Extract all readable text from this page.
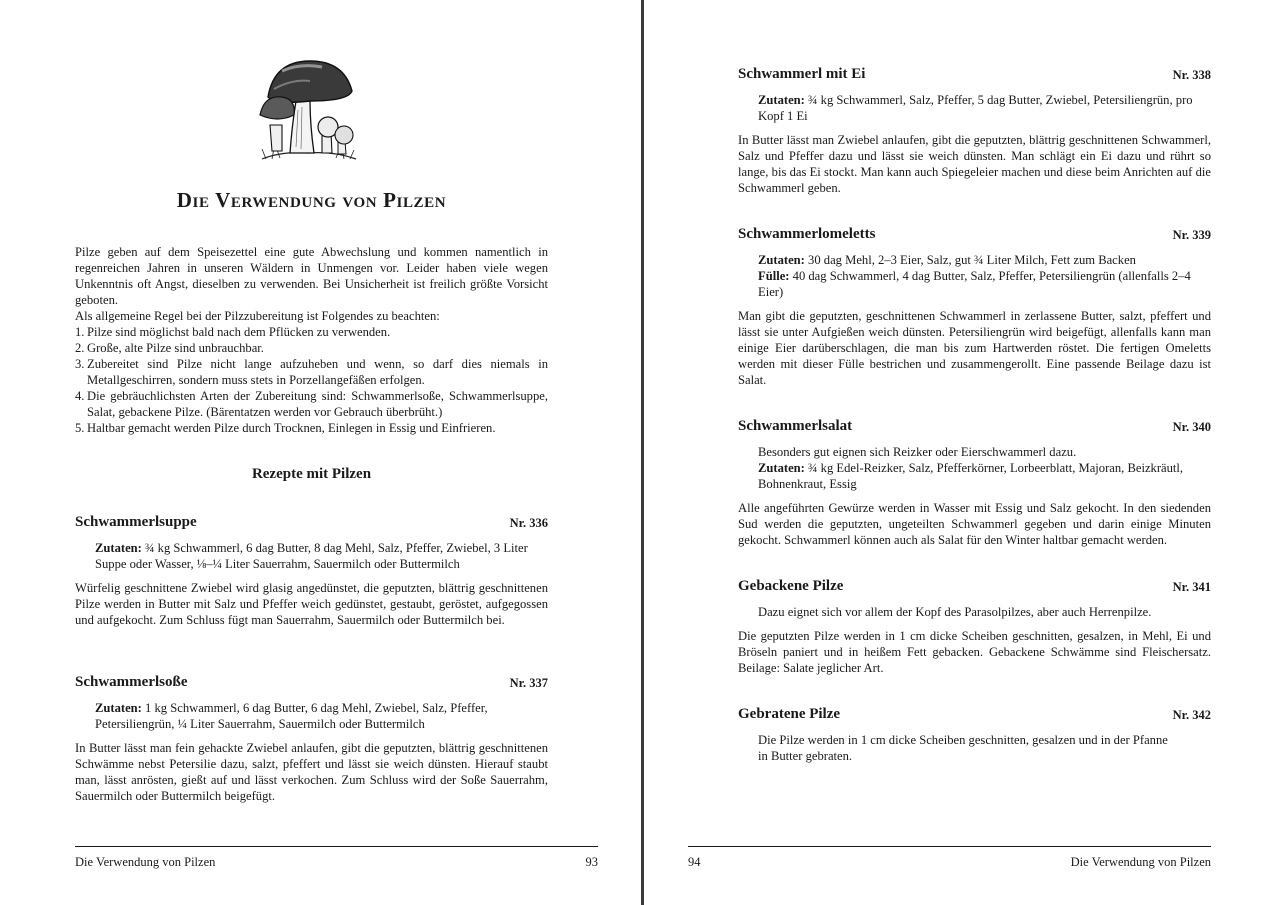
Die Verwendung von Pilzen
Pilze geben auf dem Speisezettel eine gute Abwechslung und kommen namentlich in regenreichen Jahren in unseren Wäldern in Unmengen vor. Leider haben viele wegen Unkenntnis oft Angst, dieselben zu verwenden. Bei Unsicherheit ist freilich größte Vorsicht geboten.
Als allgemeine Regel bei der Pilzzubereitung ist Folgendes zu beachten:
1. Pilze sind möglichst bald nach dem Pflücken zu verwenden.
2. Große, alte Pilze sind unbrauchbar.
3. Zubereitet sind Pilze nicht lange aufzuheben und wenn, so darf dies niemals in Metallgeschirren, sondern muss stets in Porzellangefäßen erfolgen.
4. Die gebräuchlichsten Arten der Zubereitung sind: Schwammerlsoße, Schwammerlsuppe, Salat, gebackene Pilze. (Bärentatzen werden vor Gebrauch überbrüht.)
5. Haltbar gemacht werden Pilze durch Trocknen, Einlegen in Essig und Einfrieren.
Rezepte mit Pilzen
Schwammerlsuppe	Nr. 336
Zutaten: ¾ kg Schwammerl, 6 dag Butter, 8 dag Mehl, Salz, Pfeffer, Zwiebel, 3 Liter Suppe oder Wasser, ⅛–¼ Liter Sauerrahm, Sauermilch oder Buttermilch
Würfelig geschnittene Zwiebel wird glasig angedünstet, die geputzten, blättrig geschnittenen Pilze werden in Butter mit Salz und Pfeffer weich gedünstet, gestaubt, geröstet, aufgegossen und aufgekocht. Zum Schluss fügt man Sauerrahm, Sauermilch oder Buttermilch bei.
Schwammerlsoße	Nr. 337
Zutaten: 1 kg Schwammerl, 6 dag Butter, 6 dag Mehl, Zwiebel, Salz, Pfeffer, Petersiliengrün, ¼ Liter Sauerrahm, Sauermilch oder Buttermilch
In Butter lässt man fein gehackte Zwiebel anlaufen, gibt die geputzten, blättrig geschnittenen Schwämme nebst Petersilie dazu, salzt, pfeffert und lässt sie weich dünsten. Hierauf staubt man, lässt anrösten, gießt auf und lässt verkochen. Zum Schluss wird der Soße Sauerrahm, Sauermilch oder Buttermilch beigefügt.
Die Verwendung von Pilzen	93
Schwammerl mit Ei	Nr. 338
Zutaten: ¾ kg Schwammerl, Salz, Pfeffer, 5 dag Butter, Zwiebel, Petersiliengrün, pro Kopf 1 Ei
In Butter lässt man Zwiebel anlaufen, gibt die geputzten, blättrig geschnittenen Schwammerl, Salz und Pfeffer dazu und lässt sie weich dünsten. Man schlägt ein Ei dazu und rührt so lange, bis das Ei stockt. Man kann auch Spiegeleier machen und diese beim Anrichten auf die Schwammerl geben.
Schwammerlomeletts	Nr. 339
Zutaten: 30 dag Mehl, 2–3 Eier, Salz, gut ¾ Liter Milch, Fett zum Backen
Fülle: 40 dag Schwammerl, 4 dag Butter, Salz, Pfeffer, Petersiliengrün (allenfalls 2–4 Eier)
Man gibt die geputzten, geschnittenen Schwammerl in zerlassene Butter, salzt, pfeffert und lässt sie unter Aufgießen weich dünsten. Petersiliengrün wird beigefügt, allenfalls kann man einige Eier darüberschlagen, die man bis zum Hartwerden röstet. Die fertigen Omeletts werden mit dieser Fülle bestrichen und zusammengerollt. Eine passende Beilage dazu ist Salat.
Schwammerlsalat	Nr. 340
Besonders gut eignen sich Reizker oder Eierschwammerl dazu.
Zutaten: ¾ kg Edel-Reizker, Salz, Pfefferkörner, Lorbeerblatt, Majoran, Beizkräutl, Bohnenkraut, Essig
Alle angeführten Gewürze werden in Wasser mit Essig und Salz gekocht. In den siedenden Sud werden die geputzten, ungeteilten Schwammerl gegeben und darin einige Minuten gekocht. Schwammerl können auch als Salat für den Winter haltbar gemacht werden.
Gebackene Pilze	Nr. 341
Dazu eignet sich vor allem der Kopf des Parasolpilzes, aber auch Herrenpilze.
Die geputzten Pilze werden in 1 cm dicke Scheiben geschnitten, gesalzen, in Mehl, Ei und Bröseln paniert und in heißem Fett gebacken. Gebackene Schwämme sind Fleischersatz. Beilage: Salate jeglicher Art.
Gebratene Pilze	Nr. 342
Die Pilze werden in 1 cm dicke Scheiben geschnitten, gesalzen und in der Pfanne in Butter gebraten.
94	Die Verwendung von Pilzen
